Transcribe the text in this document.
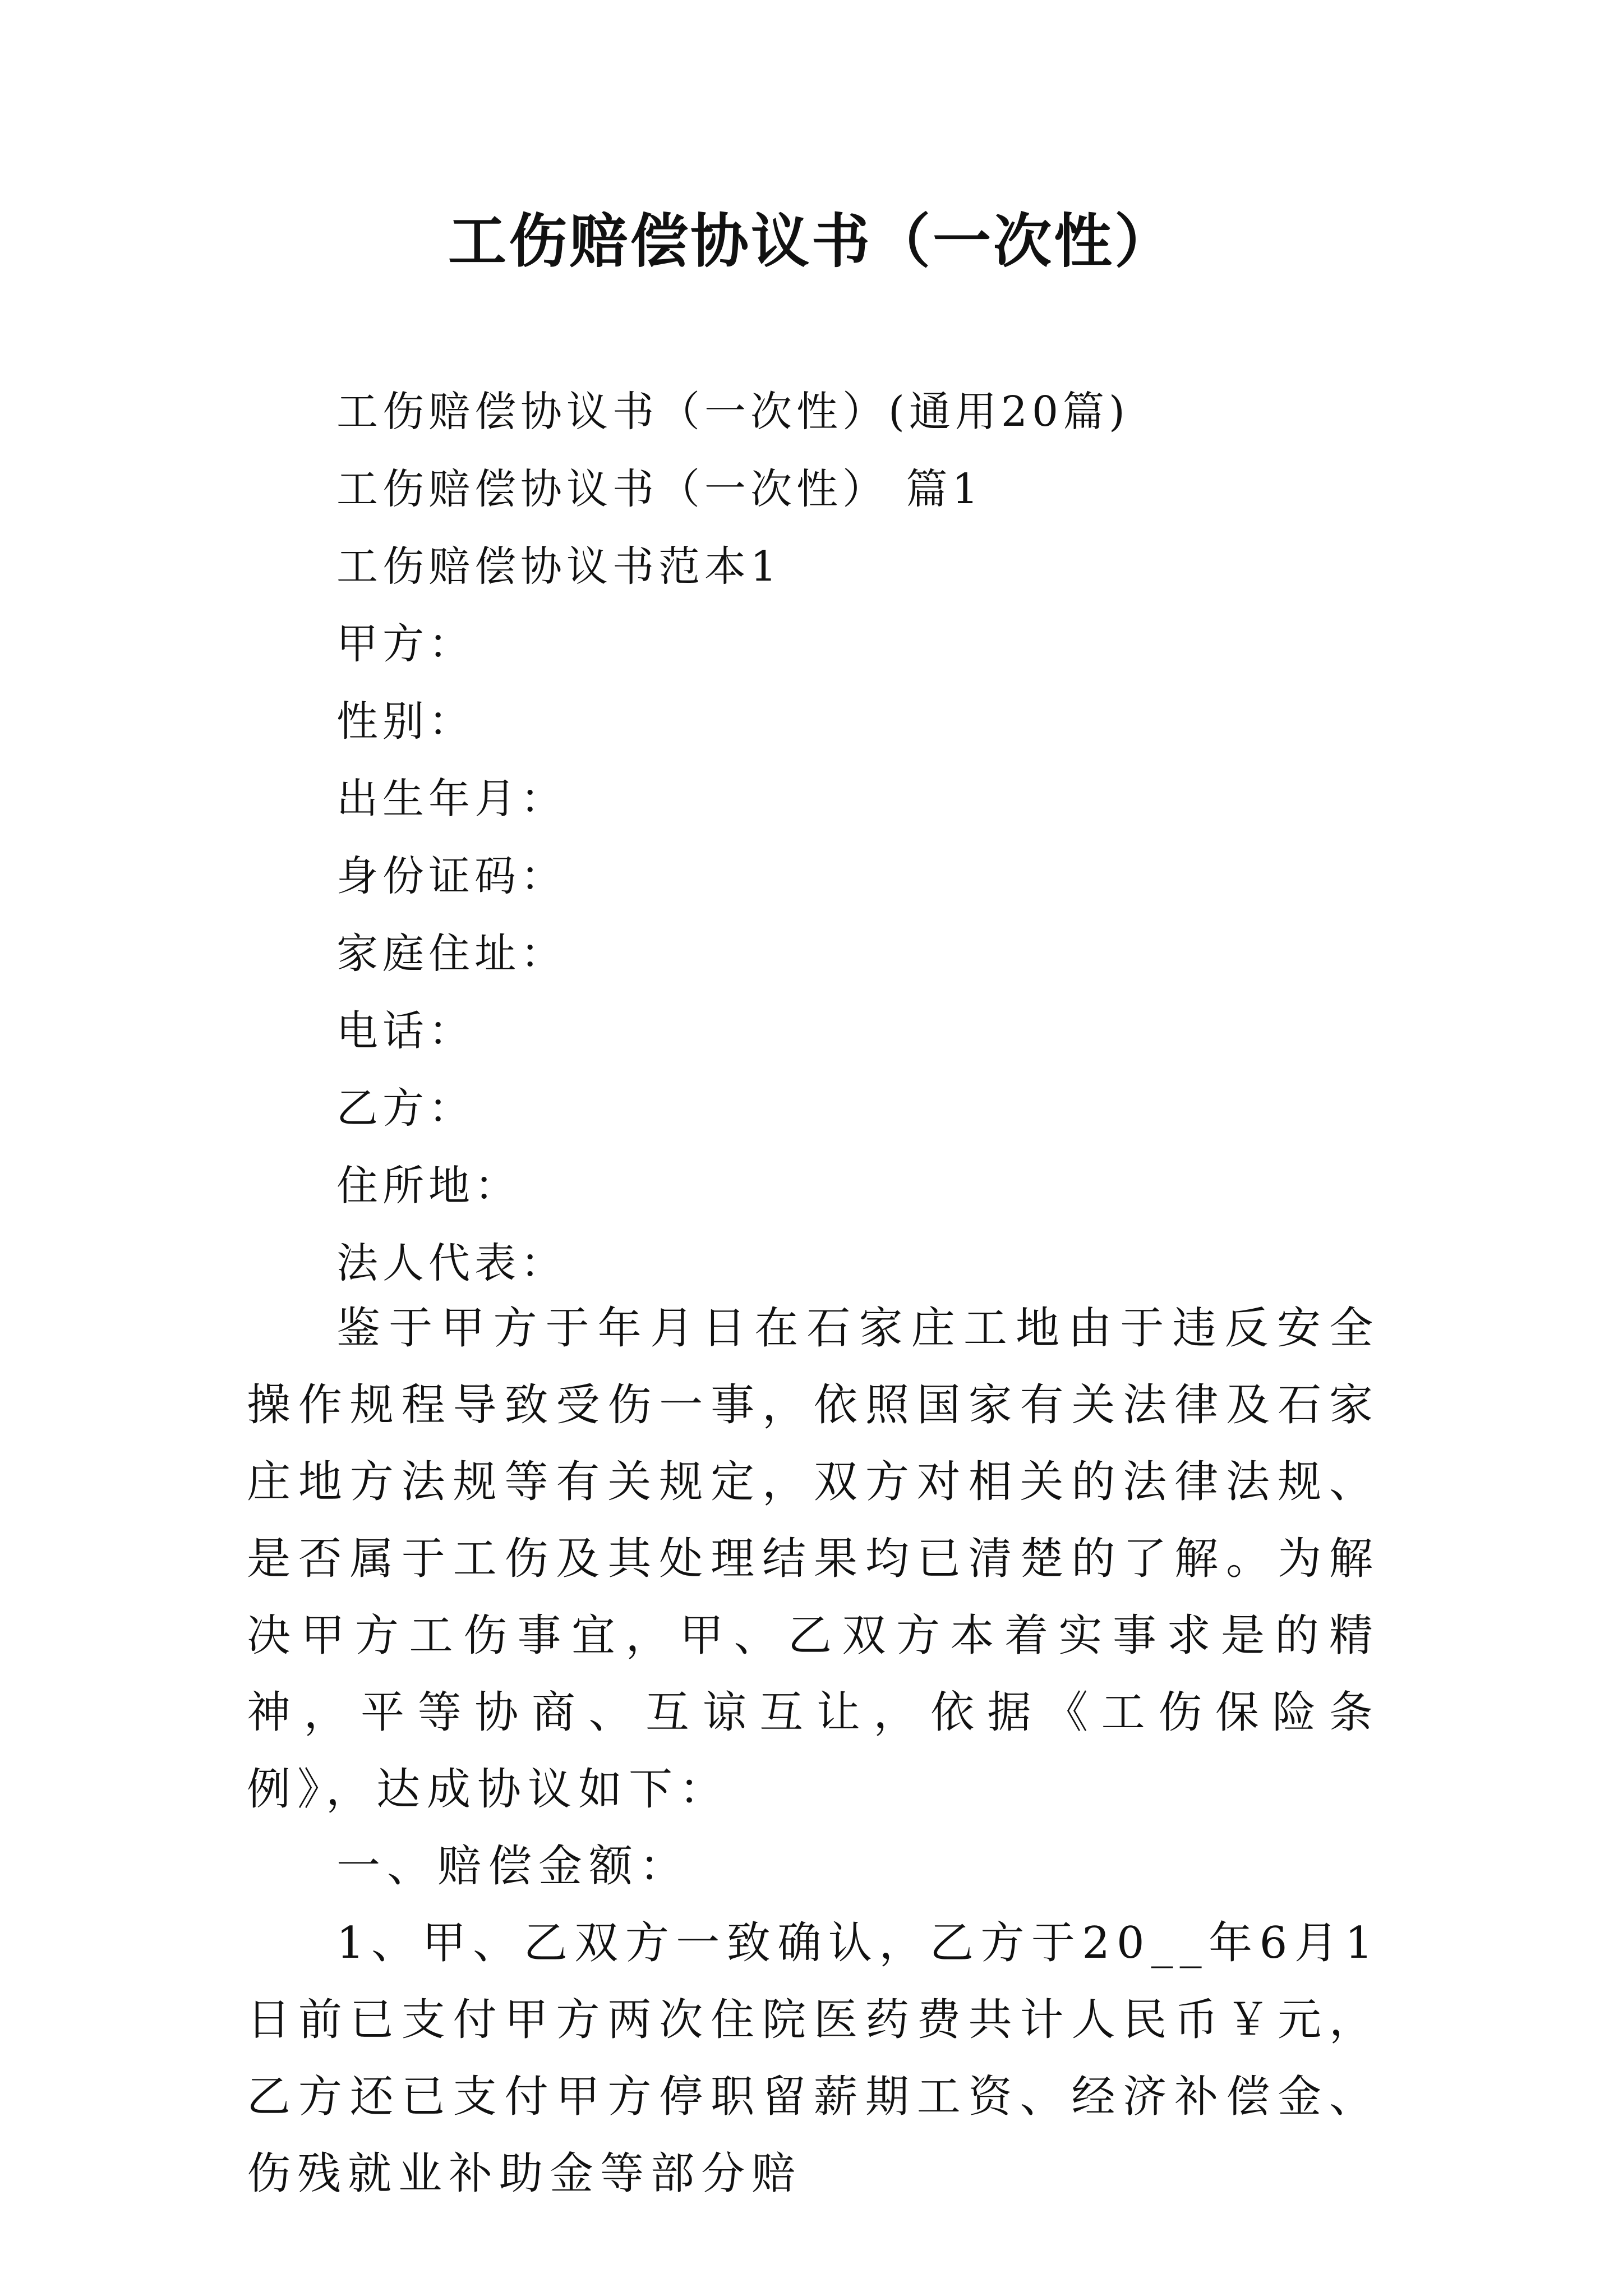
工伤赔偿协议书（一次性）
工伤赔偿协议书（一次性）(通用20篇)
工伤赔偿协议书（一次性） 篇1
工伤赔偿协议书范本1
甲方：
性别：
出生年月：
身份证码：
家庭住址：
电话：
乙方：
住所地：
法人代表：

鉴于甲方于年月日在石家庄工地由于违反安全操作规程导致受伤一事，依照国家有关法律及石家庄地方法规等有关规定，双方对相关的法律法规、是否属于工伤及其处理结果均已清楚的了解。为解决甲方工伤事宜，甲、乙双方本着实事求是的精神，平等协商、互谅互让，依据《工伤保险条例》，达成协议如下：

一、赔偿金额：

1、甲、乙双方一致确认，乙方于20__年6月1日前已支付甲方两次住院医药费共计人民币￥元，乙方还已支付甲方停职留薪期工资、经济补偿金、伤残就业补助金等部分赔
